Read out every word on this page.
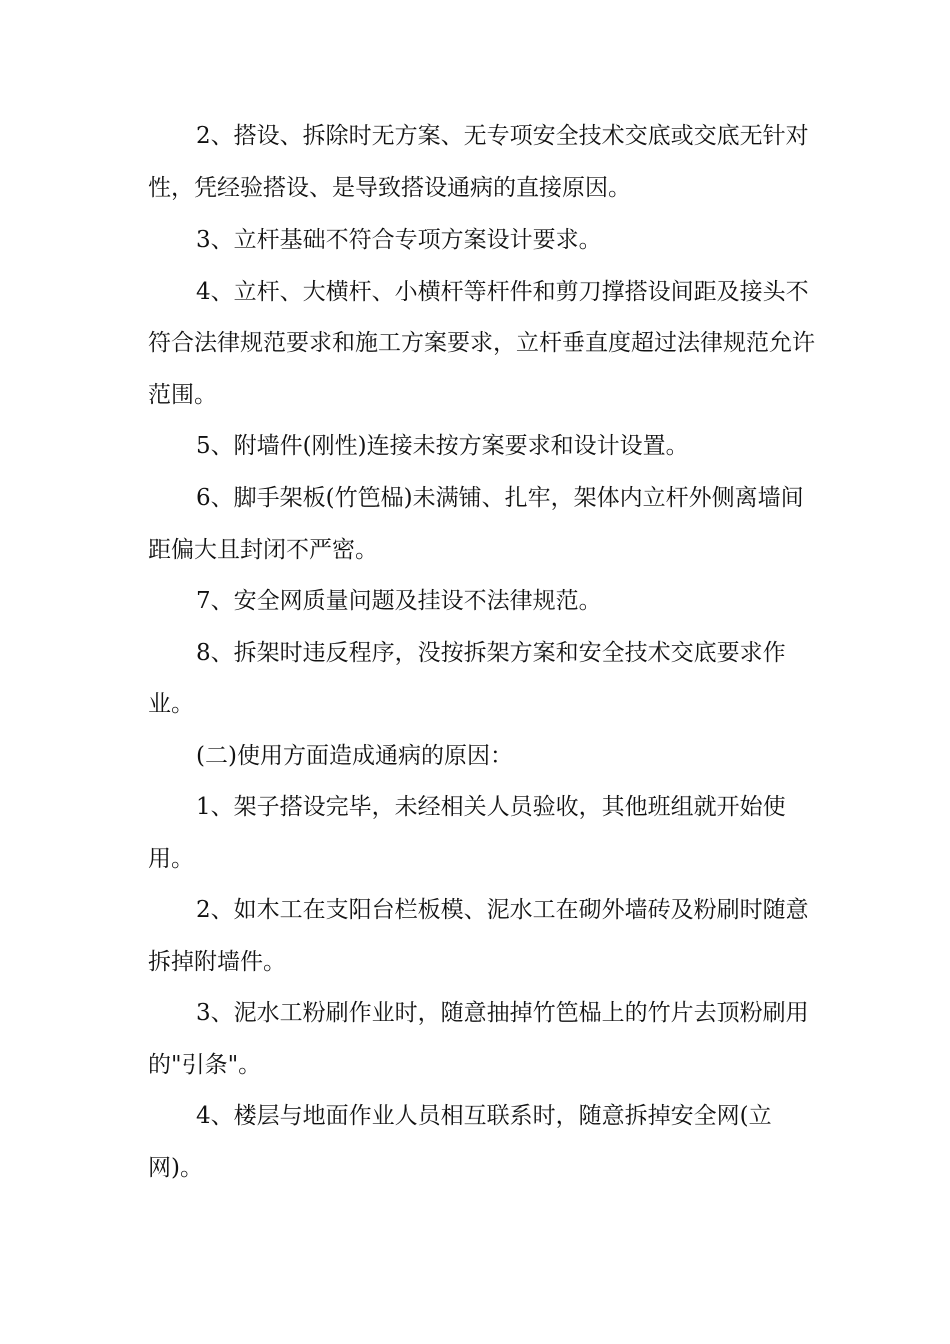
2、搭设、拆除时无方案、无专项安全技术交底或交底无针对
性，凭经验搭设、是导致搭设通病的直接原因。
3、立杆基础不符合专项方案设计要求。
4、立杆、大横杆、小横杆等杆件和剪刀撑搭设间距及接头不
符合法律规范要求和施工方案要求，立杆垂直度超过法律规范允许
范围。
5、附墙件(刚性)连接未按方案要求和设计设置。
6、脚手架板(竹笆榀)未满铺、扎牢，架体内立杆外侧离墙间
距偏大且封闭不严密。
7、安全网质量问题及挂设不法律规范。
8、拆架时违反程序，没按拆架方案和安全技术交底要求作
业。
(二)使用方面造成通病的原因：
1、架子搭设完毕，未经相关人员验收，其他班组就开始使
用。
2、如木工在支阳台栏板模、泥水工在砌外墙砖及粉刷时随意
拆掉附墙件。
3、泥水工粉刷作业时，随意抽掉竹笆榀上的竹片去顶粉刷用
的"引条"。
4、楼层与地面作业人员相互联系时，随意拆掉安全网(立
网)。
